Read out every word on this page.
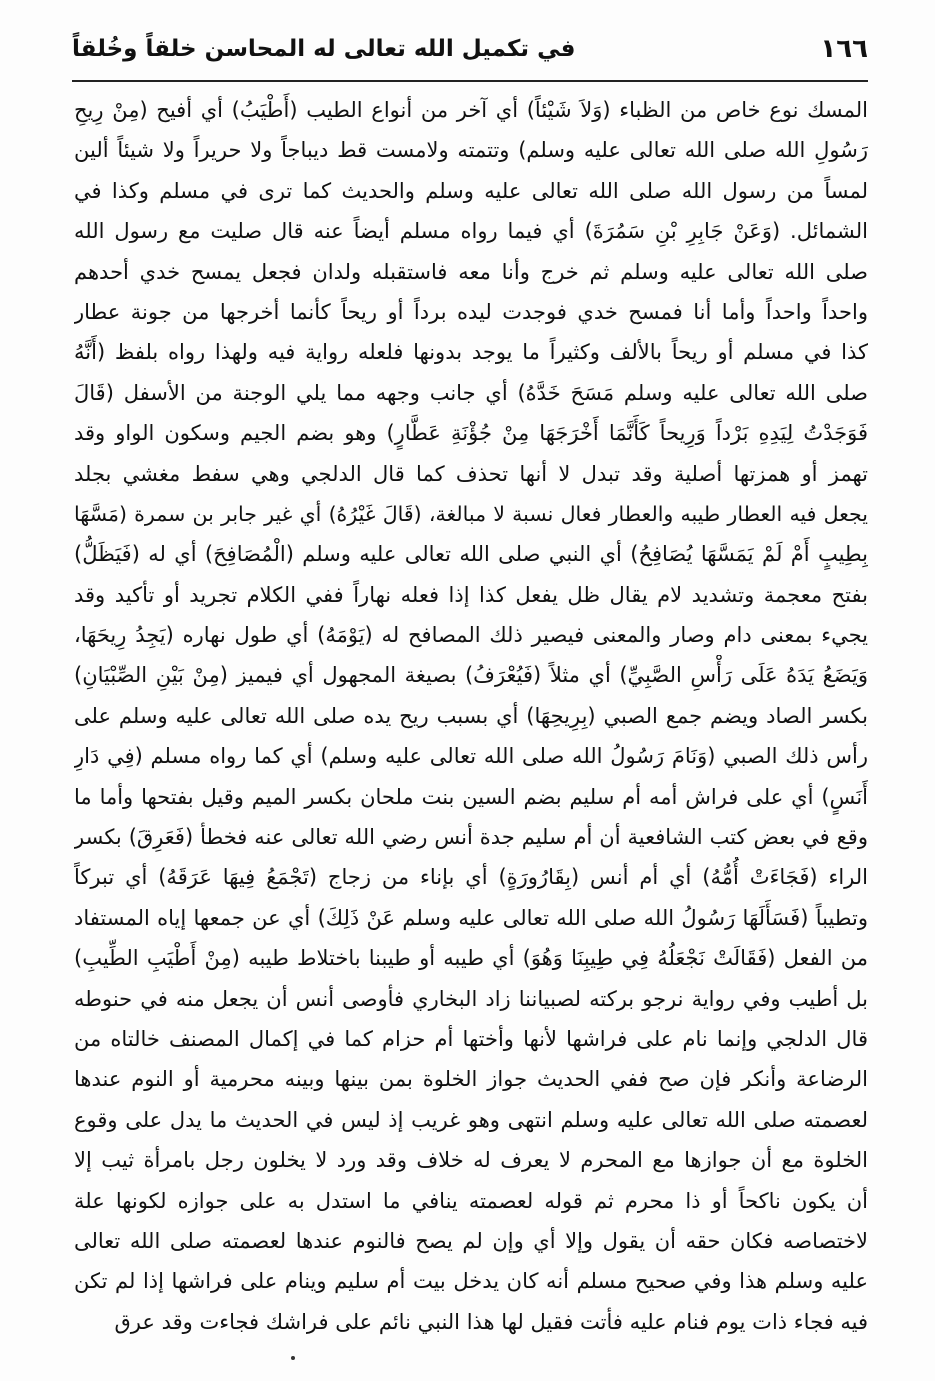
١٦٦
في تكميل الله تعالى له المحاسن خلقاً وخُلقاً
المسك نوع خاص من الظباء (وَلاَ شَيْئاً) أي آخر من أنواع الطيب (أَطْيَبُ) أي أفيح (مِنْ رِيحِ
رَسُولِ الله صلى الله تعالى عليه وسلم) وتتمته ولامست قط ديباجاً ولا حريراً ولا شيئاً ألين
لمساً من رسول الله صلى الله تعالى عليه وسلم والحديث كما ترى في مسلم وكذا في
الشمائل. (وَعَنْ جَابِرِ بْنِ سَمُرَةَ) أي فيما رواه مسلم أيضاً عنه قال صليت مع رسول الله
صلى الله تعالى عليه وسلم ثم خرج وأنا معه فاستقبله ولدان فجعل يمسح خدي أحدهم
واحداً واحداً وأما أنا فمسح خدي فوجدت ليده برداً أو ريحاً كأنما أخرجها من جونة عطار
كذا في مسلم أو ريحاً بالألف وكثيراً ما يوجد بدونها فلعله رواية فيه ولهذا رواه بلفظ (أَنَّهُ
صلى الله تعالى عليه وسلم مَسَحَ خَدَّهُ) أي جانب وجهه مما يلي الوجنة من الأسفل (قَالَ
فَوَجَدْتُ لِيَدِهِ بَرْداً وَرِيحاً كَأَنَّمَا أَخْرَجَهَا مِنْ جُؤْنَةِ عَطَّارٍ) وهو بضم الجيم وسكون الواو وقد
تهمز أو همزتها أصلية وقد تبدل لا أنها تحذف كما قال الدلجي وهي سفط مغشي بجلد
يجعل فيه العطار طيبه والعطار فعال نسبة لا مبالغة، (قَالَ غَيْرُهُ) أي غير جابر بن سمرة (مَسَّهَا
بِطِيبٍ أَمْ لَمْ يَمَسَّهَا يُصَافِحُ) أي النبي صلى الله تعالى عليه وسلم (الْمُصَافِحَ) أي له (فَيَظَلُّ)
بفتح معجمة وتشديد لام يقال ظل يفعل كذا إذا فعله نهاراً ففي الكلام تجريد أو تأكيد وقد
يجيء بمعنى دام وصار والمعنى فيصير ذلك المصافح له (يَوْمَهُ) أي طول نهاره (يَجِدُ رِيحَهَا،
وَيَضَعُ يَدَهُ عَلَى رَأْسِ الصَّبِيِّ) أي مثلاً (فَيُعْرَفُ) بصيغة المجهول أي فيميز (مِنْ بَيْنِ الصِّبْيَانِ)
بكسر الصاد ويضم جمع الصبي (بِرِيحِهَا) أي بسبب ريح يده صلى الله تعالى عليه وسلم على
رأس ذلك الصبي (وَنَامَ رَسُولُ الله صلى الله تعالى عليه وسلم) أي كما رواه مسلم (فِي دَارِ
أَنَسٍ) أي على فراش أمه أم سليم بضم السين بنت ملحان بكسر الميم وقيل بفتحها وأما ما
وقع في بعض كتب الشافعية أن أم سليم جدة أنس رضي الله تعالى عنه فخطأ (فَعَرِقَ) بكسر
الراء (فَجَاءَتْ أُمُّهُ) أي أم أنس (بِقَارُورَةٍ) أي بإناء من زجاج (تَجْمَعُ فِيهَا عَرَقَهُ) أي تبركاً
وتطيباً (فَسَأَلَهَا رَسُولُ الله صلى الله تعالى عليه وسلم عَنْ ذَلِكَ) أي عن جمعها إياه المستفاد
من الفعل (فَقَالَتْ نَجْعَلُهُ فِي طِيبِنَا وَهُوَ) أي طيبه أو طيبنا باختلاط طيبه (مِنْ أَطْيَبِ الطِّيبِ)
بل أطيب وفي رواية نرجو بركته لصبياننا زاد البخاري فأوصى أنس أن يجعل منه في حنوطه
قال الدلجي وإنما نام على فراشها لأنها وأختها أم حزام كما في إكمال المصنف خالتاه من
الرضاعة وأنكر فإن صح ففي الحديث جواز الخلوة بمن بينها وبينه محرمية أو النوم عندها
لعصمته صلى الله تعالى عليه وسلم انتهى وهو غريب إذ ليس في الحديث ما يدل على وقوع
الخلوة مع أن جوازها مع المحرم لا يعرف له خلاف وقد ورد لا يخلون رجل بامرأة ثيب إلا
أن يكون ناكحاً أو ذا محرم ثم قوله لعصمته ينافي ما استدل به على جوازه لكونها علة
لاختصاصه فكان حقه أن يقول وإلا أي وإن لم يصح فالنوم عندها لعصمته صلى الله تعالى
عليه وسلم هذا وفي صحيح مسلم أنه كان يدخل بيت أم سليم وينام على فراشها إذا لم تكن
فيه فجاء ذات يوم فنام عليه فأتت فقيل لها هذا النبي نائم على فراشك فجاءت وقد عرق
